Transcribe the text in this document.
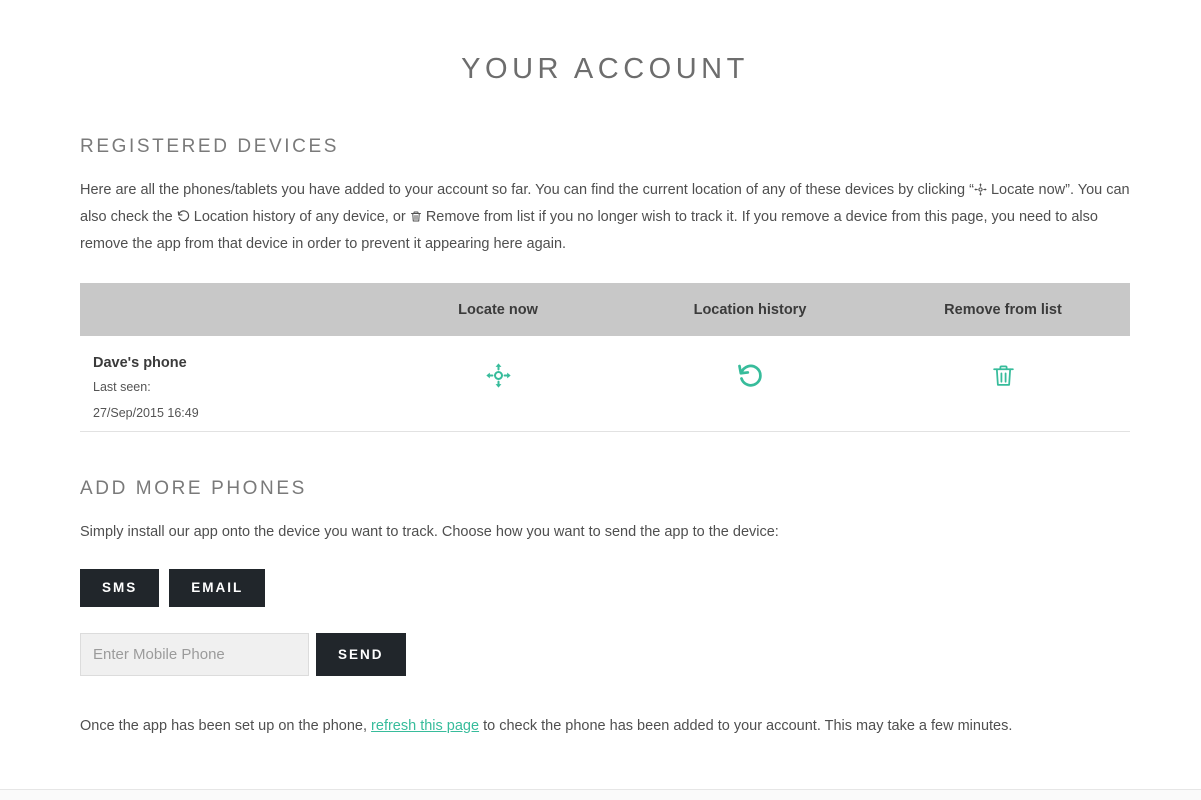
YOUR ACCOUNT
REGISTERED DEVICES

Here are all the phones/tablets you have added to your account so far. You can find the current location of any of these devices by clicking “ Locate now”. You can also check the  Location history of any device, or  Remove from list if you no longer wish to track it. If you remove a device from this page, you need to also remove the app from that device in order to prevent it appearing here again.

	Locate now	Location history	Remove from list

Dave's phone
Last seen:
27/Sep/2015 16:49

ADD MORE PHONES

Simply install our app onto the device you want to track. Choose how you want to send the app to the device:

SMS	EMAIL
Enter Mobile Phone
SEND

Once the app has been set up on the phone, refresh this page to check the phone has been added to your account. This may take a few minutes.
